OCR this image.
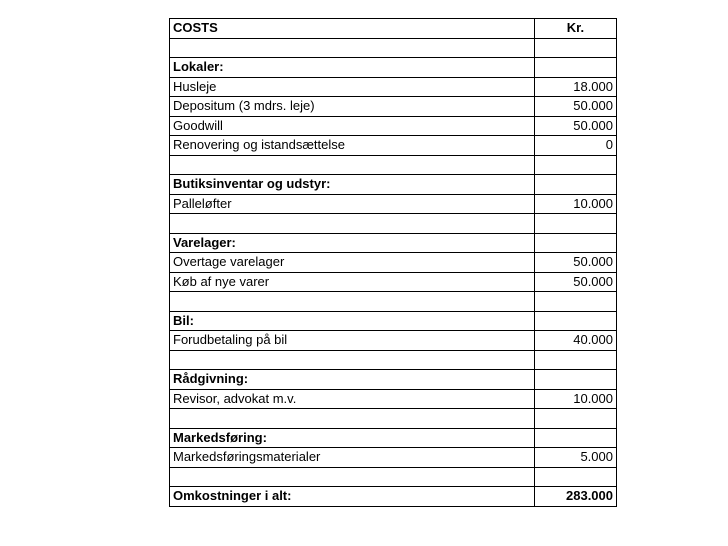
COSTS	Kr.

Lokaler:	
Husleje	18.000
Depositum (3 mdrs. leje)	50.000
Goodwill	50.000
Renovering og istandsættelse	0

Butiksinventar og udstyr:	
Palleløfter	10.000

Varelager:	
Overtage varelager	50.000
Køb af nye varer	50.000

Bil:	
Forudbetaling på bil	40.000

Rådgivning:	
Revisor, advokat m.v.	10.000

Markedsføring:	
Markedsføringsmaterialer	5.000

Omkostninger i alt:	283.000
